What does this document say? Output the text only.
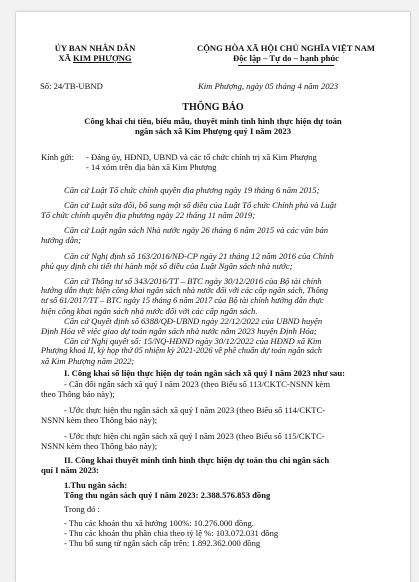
ỦY BAN NHÂN DÂN
XÃ KIM PHƯỢNG
CỘNG HÒA XÃ HỘI CHỦ NGHĨA VIỆT NAM
Độc lập – Tự do – hạnh phúc
Số: 24/TB-UBND	Kim Phượng, ngày 05 tháng 4 năm 2023
THÔNG BÁO
Công khai chỉ tiêu, biểu mẫu, thuyết minh tình hình thực hiện dự toán
ngân sách xã Kim Phượng quý I năm 2023
Kính gửi: - Đảng ủy, HĐND, UBND và các tổ chức chính trị xã Kim Phượng
- 14 xóm trên địa bàn xã Kim Phượng
Căn cứ Luật Tổ chức chính quyền địa phương ngày 19 tháng 6 năm 2015;
Căn cứ Luật sửa đổi, bổ sung một số điều của Luật Tổ chức Chính phủ và Luật
Tổ chức chính quyền địa phương ngày 22 tháng 11 năm 2019;
Căn cứ Luật ngân sách Nhà nước ngày 26 tháng 6 năm 2015 và các văn bản
hướng dẫn;
Căn cứ Nghị định số 163/2016/NĐ-CP ngày 21 tháng 12 năm 2016 của Chính
phủ quy định chi tiết thi hành một số điều của Luật Ngân sách nhà nước;
Căn cứ Thông tư số 343/2016/TT – BTC ngày 30/12/2016 của Bộ tài chính
hướng dẫn thực hiện công khai ngân sách nhà nước đối với các cấp ngân sách, Thông
tư số 61/2017/TT – BTC ngày 15 tháng 6 năm 2017 của Bộ tài chính hướng dẫn thực
hiện công khai ngân sách nhà nước đối với các cấp ngân sách.
Căn cứ Quyết định số 6388/QĐ-UBND ngày 22/12/2022 của UBND huyện
Định Hóa về việc giao dự toán ngân sách nhà nước năm 2023 huyện Định Hóa;
Căn cứ Nghị quyết số: 15/NQ-HĐND ngày 30/12/2022 của HĐND xã Kim
Phượng khoá II, kỳ họp thứ 05 nhiệm kỳ 2021-2026 về phê chuẩn dự toán ngân sách
xã Kim Phượng năm 2022;
I. Công khai số liệu thực hiện dự toán ngân sách xã quý I năm 2023 như sau:
- Cân đối ngân sách xã quý I năm 2023 (theo Biểu số 113/CKTC-NSNN kèm
theo Thông báo này);
- Ước thực hiện thu ngân sách xã quý I năm 2023 (theo Biểu số 114/CKTC-
NSNN kèm theo Thông báo này);
- Ước thực hiện chi ngân sách xã quý I năm 2023 (theo Biểu số 115/CKTC-
NSNN kèm theo Thông báo này);
II. Công khai thuyết minh tình hình thực hiện dự toán thu chi ngân sách
quí I năm 2023:
1.Thu ngân sách:
Tổng thu ngân sách quý I năm 2023: 2.388.576.853 đồng
Trong đó :
- Thu các khoản thu xã hưởng 100%: 10.276.000 đồng.
- Thu các khoản thu phân chia theo tỷ lệ %: 103.072.031 đồng
- Thu bổ sung từ ngân sách cấp trên: 1.892.362.000 đồng
